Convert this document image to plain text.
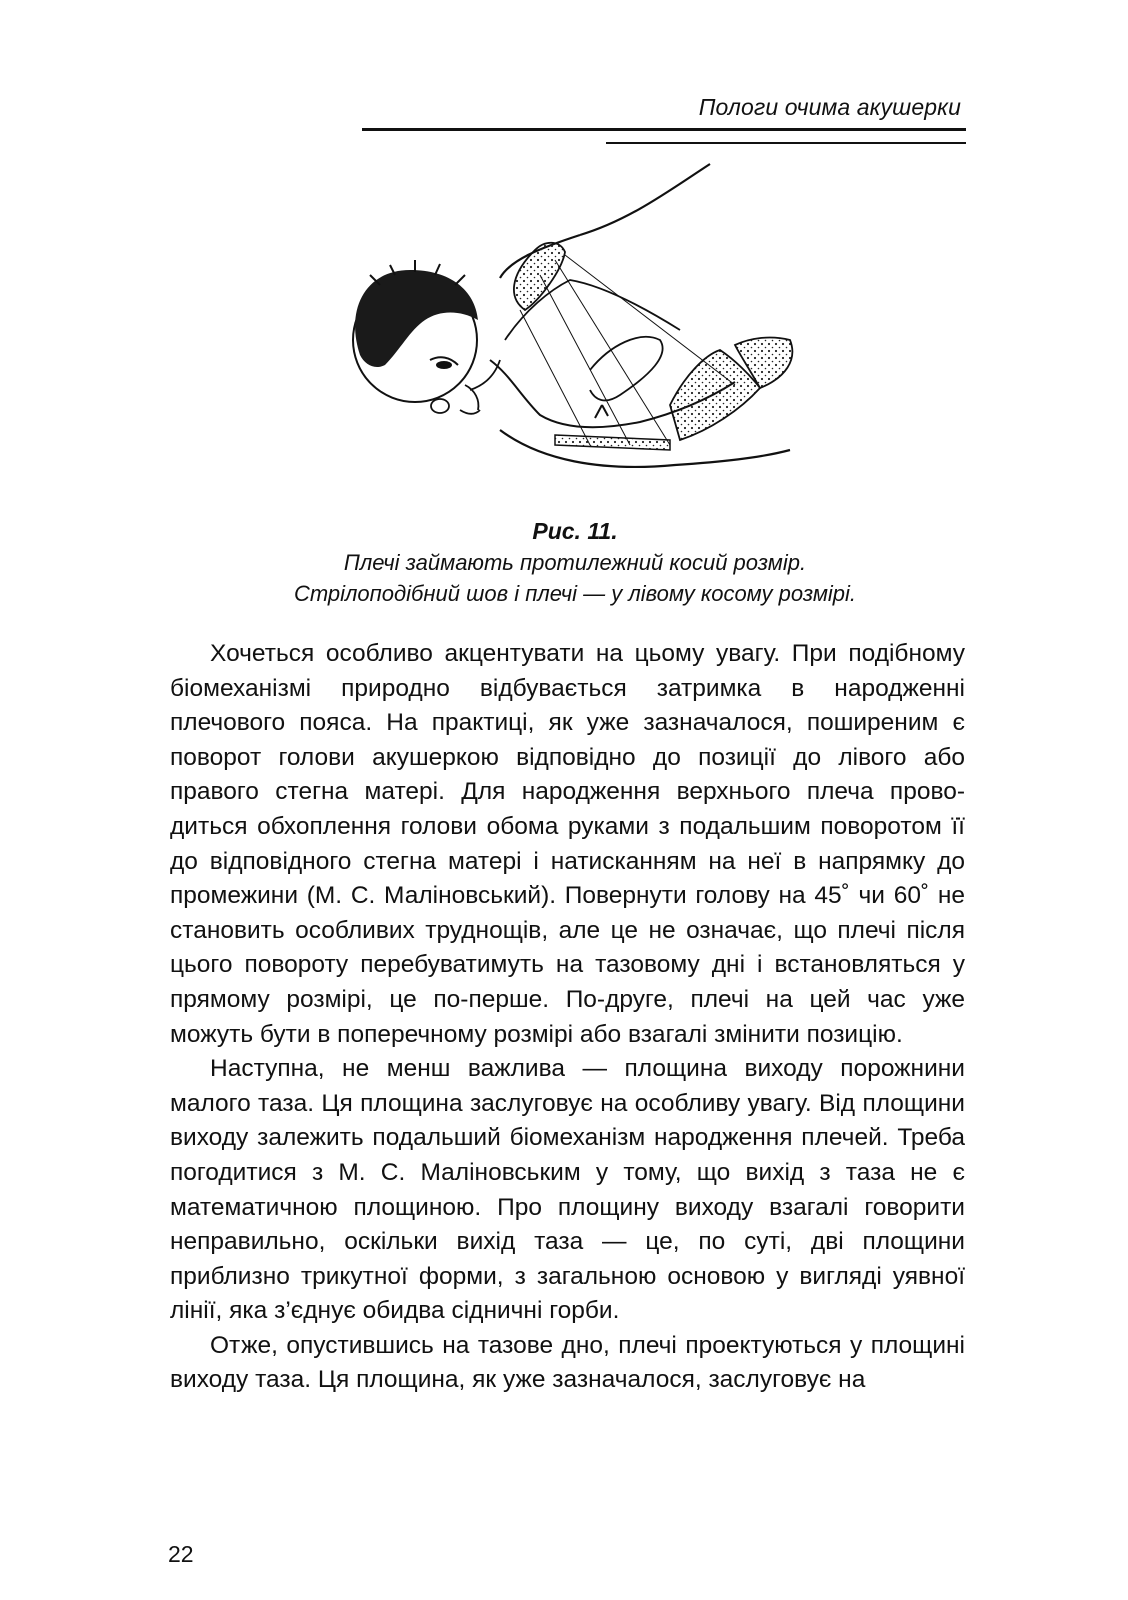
Пологи очима акушерки
Рис. 11.
Плечі займають протилежний косий розмір.
Стрілоподібний шов і плечі — у лівому косому розмірі.

Хочеться особливо акцентувати на цьому увагу. При подібному біомеханізмі природно відбувається затримка в народженні плечового пояса. На практиці, як уже зазначалося, поширеним є поворот голови акушеркою відповідно до позиції до лівого або правого стегна матері. Для народження верхнього плеча проводиться обхоплення голови обома руками з подальшим поворотом її до відповідного стегна матері і натисканням на неї в напрямку до промежини (М. С. Маліновський). Повернути голову на 45˚ чи 60˚ не становить особливих труднощів, але це не означає, що плечі після цього повороту перебуватимуть на тазовому дні і встановляться у прямому розмірі, це по-перше. По-друге, плечі на цей час уже можуть бути в поперечному розмірі або взагалі змінити позицію.

Наступна, не менш важлива — площина виходу порожнини малого таза. Ця площина заслуговує на особливу увагу. Від площини виходу залежить подальший біомеханізм народження плечей. Треба погодитися з М. С. Маліновським у тому, що вихід з таза не є математичною площиною. Про площину виходу взагалі говорити неправильно, оскільки вихід таза — це, по суті, дві площини приблизно трикутної форми, з загальною основою у вигляді уявної лінії, яка з’єднує обидва сідничні горби.

Отже, опустившись на тазове дно, плечі проектуються у площині виходу таза. Ця площина, як уже зазначалося, заслуговує на

22
